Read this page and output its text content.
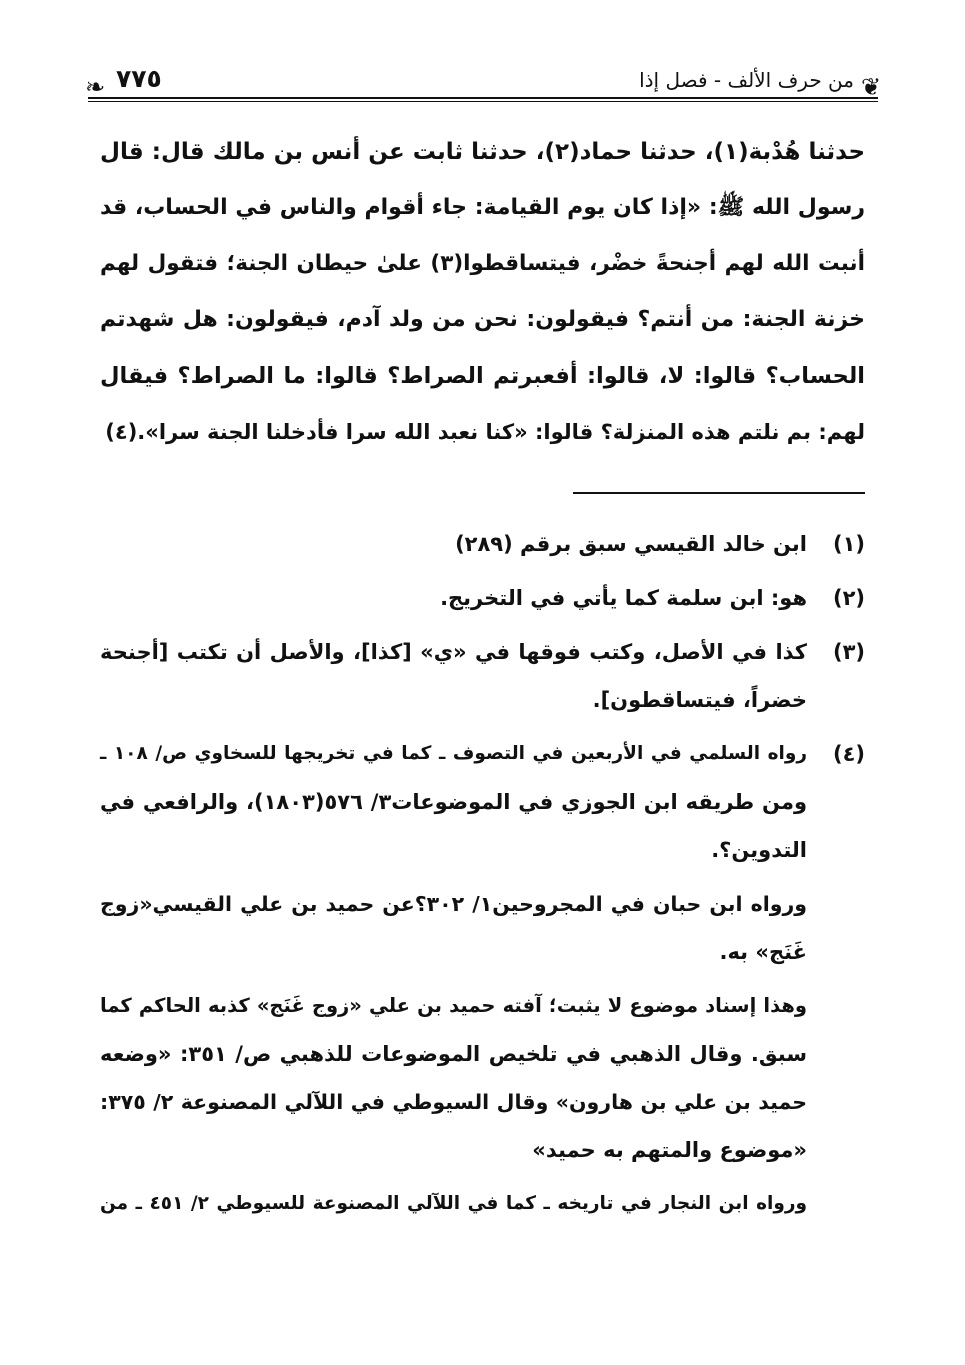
❦
من حرف الألف - فصل إذا
٧٧٥
❧
حدثنا هُدْبة(١)، حدثنا حماد(٢)، حدثنا ثابت عن أنس بن مالك قال: قال
رسول الله ﷺ: «إذا كان يوم القيامة: جاء أقوام والناس في الحساب، قد
أنبت الله لهم أجنحةً خضْر، فيتساقطوا(٣) علىٰ حيطان الجنة؛ فتقول لهم
خزنة الجنة: من أنتم؟ فيقولون: نحن من ولد آدم، فيقولون: هل شهدتم
الحساب؟ قالوا: لا، قالوا: أفعبرتم الصراط؟ قالوا: ما الصراط؟ فيقال
لهم: بم نلتم هذه المنزلة؟ قالوا: «كنا نعبد الله سرا فأدخلنا الجنة سرا».(٤)
(١)
ابن خالد القيسي سبق برقم (٢٨٩)
(٢)
هو: ابن سلمة كما يأتي في التخريج.
(٣)
كذا في الأصل، وكتب فوقها في «ي» [كذا]، والأصل أن تكتب [أجنحة
خضراً، فيتساقطون].
(٤)
رواه السلمي في الأربعين في التصوف ـ كما في تخريجها للسخاوي ص/ ١٠٨ ـ
ومن طريقه ابن الجوزي في الموضوعات٣/ ٥٧٦(١٨٠٣)، والرافعي في
التدوين؟.
ورواه ابن حبان في المجروحين١/ ٣٠٢؟عن حميد بن علي القيسي«زوج
غَنَج» به.
وهذا إسناد موضوع لا يثبت؛ آفته حميد بن علي «زوج غَنَج» كذبه الحاكم كما
سبق. وقال الذهبي في تلخيص الموضوعات للذهبي ص/ ٣٥١: «وضعه
حميد بن علي بن هارون» وقال السيوطي في اللآلي المصنوعة ٢/ ٣٧٥:
«موضوع والمتهم به حميد»
ورواه ابن النجار في تاريخه ـ كما في اللآلي المصنوعة للسيوطي ٢/ ٤٥١ ـ من
